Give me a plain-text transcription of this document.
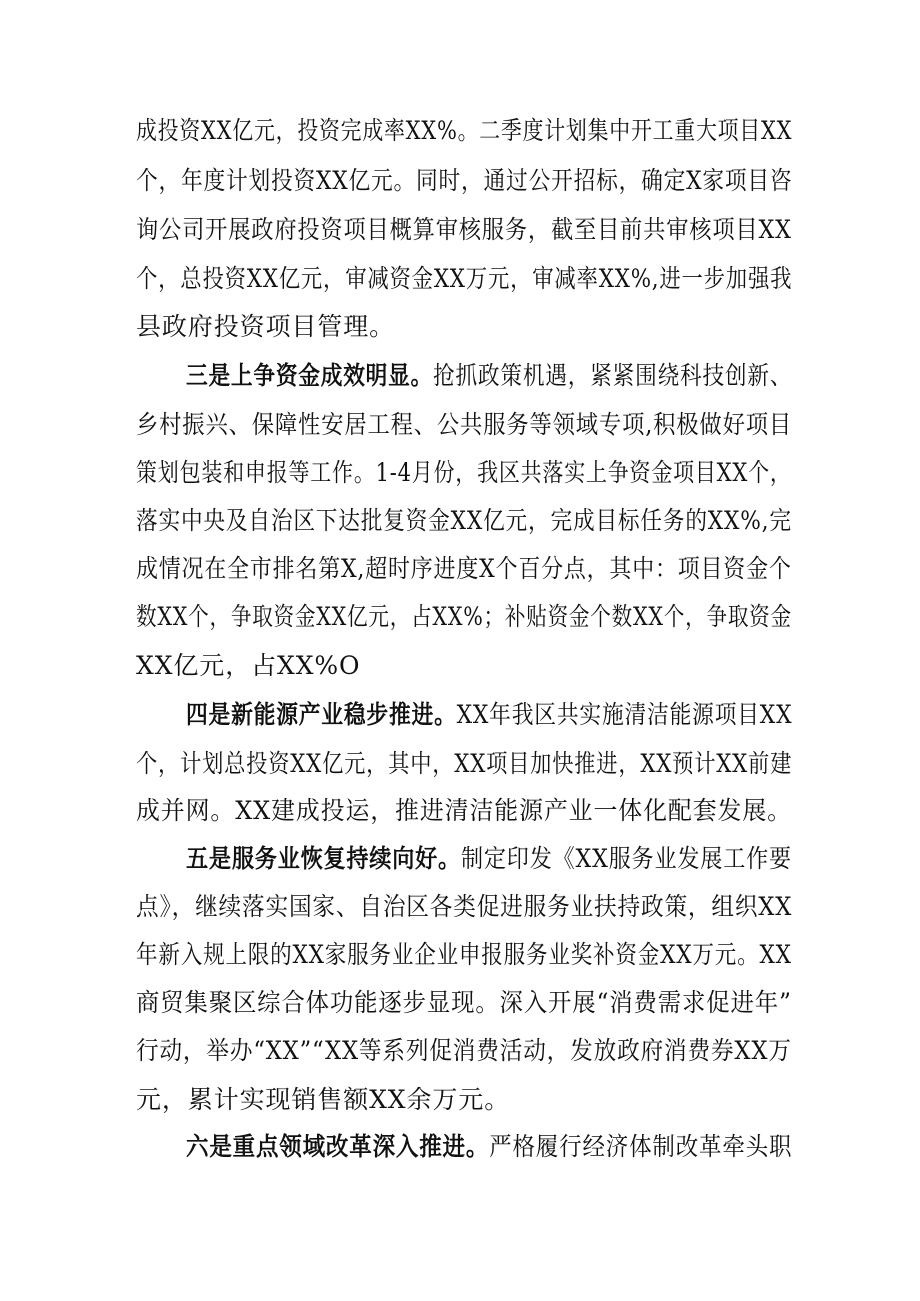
成投资XX亿元，投资完成率XX%。二季度计划集中开工重大项目XX
个，年度计划投资XX亿元。同时，通过公开招标，确定X家项目咨
询公司开展政府投资项目概算审核服务，截至目前共审核项目XX
个，总投资XX亿元，审减资金XX万元，审减率XX%,进一步加强我
县政府投资项目管理。
三是上争资金成效明显。抢抓政策机遇，紧紧围绕科技创新、
乡村振兴、保障性安居工程、公共服务等领域专项,积极做好项目
策划包装和申报等工作。1-4月份，我区共落实上争资金项目XX个，
落实中央及自治区下达批复资金XX亿元，完成目标任务的XX%,完
成情况在全市排名第X,超时序进度X个百分点，其中：项目资金个
数XX个，争取资金XX亿元，占XX%；补贴资金个数XX个，争取资金
XX亿元，占XX%O
四是新能源产业稳步推进。XX年我区共实施清洁能源项目XX
个，计划总投资XX亿元，其中，XX项目加快推进，XX预计XX前建
成并网。XX建成投运，推进清洁能源产业一体化配套发展。
五是服务业恢复持续向好。制定印发《XX服务业发展工作要
点》，继续落实国家、自治区各类促进服务业扶持政策，组织XX
年新入规上限的XX家服务业企业申报服务业奖补资金XX万元。XX
商贸集聚区综合体功能逐步显现。深入开展“消费需求促进年”
行动，举办“XX”“XX等系列促消费活动，发放政府消费券XX万
元，累计实现销售额XX余万元。
六是重点领域改革深入推进。严格履行经济体制改革牵头职
